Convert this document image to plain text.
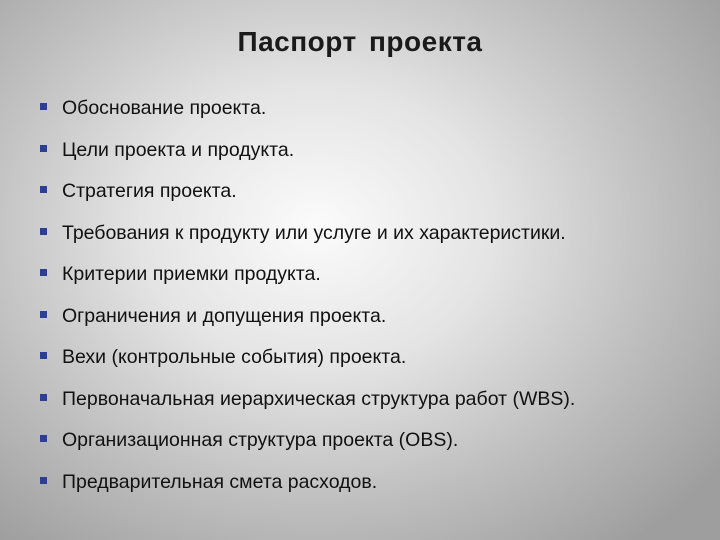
Паспорт проекта
Обоснование проекта.
Цели проекта и продукта.
Стратегия проекта.
Требования к продукту или услуге и их характеристики.
Критерии приемки продукта.
Ограничения и допущения проекта.
Вехи (контрольные события) проекта.
Первоначальная иерархическая структура работ (WBS).
Организационная структура проекта (OBS).
Предварительная смета расходов.
